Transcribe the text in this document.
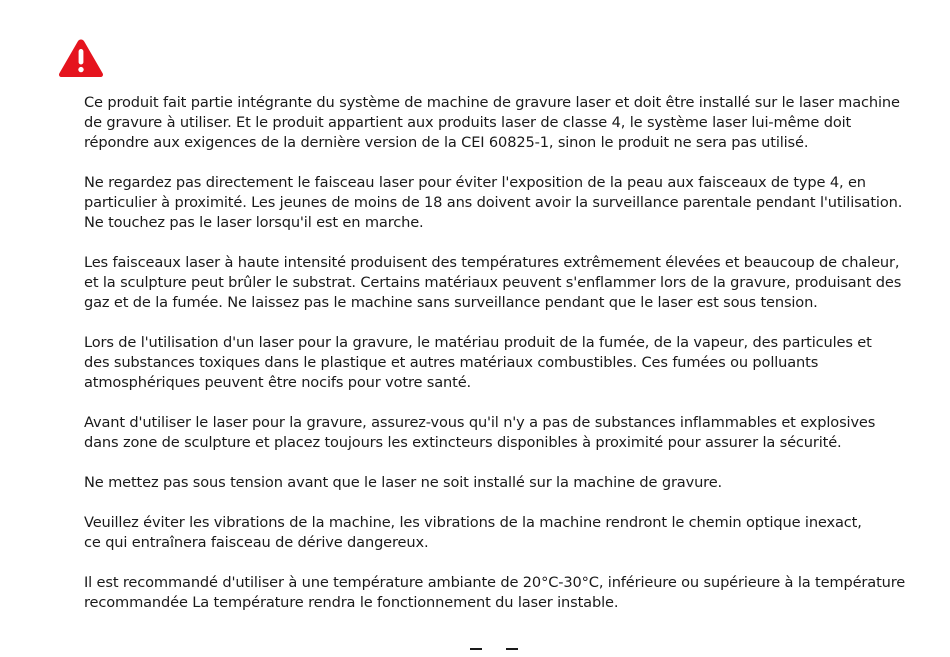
Ce produit fait partie intégrante du système de machine de gravure laser et doit être installé sur le laser machine
de gravure à utiliser. Et le produit appartient aux produits laser de classe 4, le système laser lui-même doit
répondre aux exigences de la dernière version de la CEI 60825-1, sinon le produit ne sera pas utilisé.

Ne regardez pas directement le faisceau laser pour éviter l'exposition de la peau aux faisceaux de type 4, en
particulier à proximité. Les jeunes de moins de 18 ans doivent avoir la surveillance parentale pendant l'utilisation.
Ne touchez pas le laser lorsqu'il est en marche.

Les faisceaux laser à haute intensité produisent des températures extrêmement élevées et beaucoup de chaleur,
et la sculpture peut brûler le substrat. Certains matériaux peuvent s'enflammer lors de la gravure, produisant des
gaz et de la fumée. Ne laissez pas le machine sans surveillance pendant que le laser est sous tension.

Lors de l'utilisation d'un laser pour la gravure, le matériau produit de la fumée, de la vapeur, des particules et
des substances toxiques dans le plastique et autres matériaux combustibles. Ces fumées ou polluants
atmosphériques peuvent être nocifs pour votre santé.

Avant d'utiliser le laser pour la gravure, assurez-vous qu'il n'y a pas de substances inflammables et explosives
dans zone de sculpture et placez toujours les extincteurs disponibles à proximité pour assurer la sécurité.

Ne mettez pas sous tension avant que le laser ne soit installé sur la machine de gravure.

Veuillez éviter les vibrations de la machine, les vibrations de la machine rendront le chemin optique inexact,
ce qui entraînera faisceau de dérive dangereux.

Il est recommandé d'utiliser à une température ambiante de 20°C-30°C, inférieure ou supérieure à la température
recommandée La température rendra le fonctionnement du laser instable.
